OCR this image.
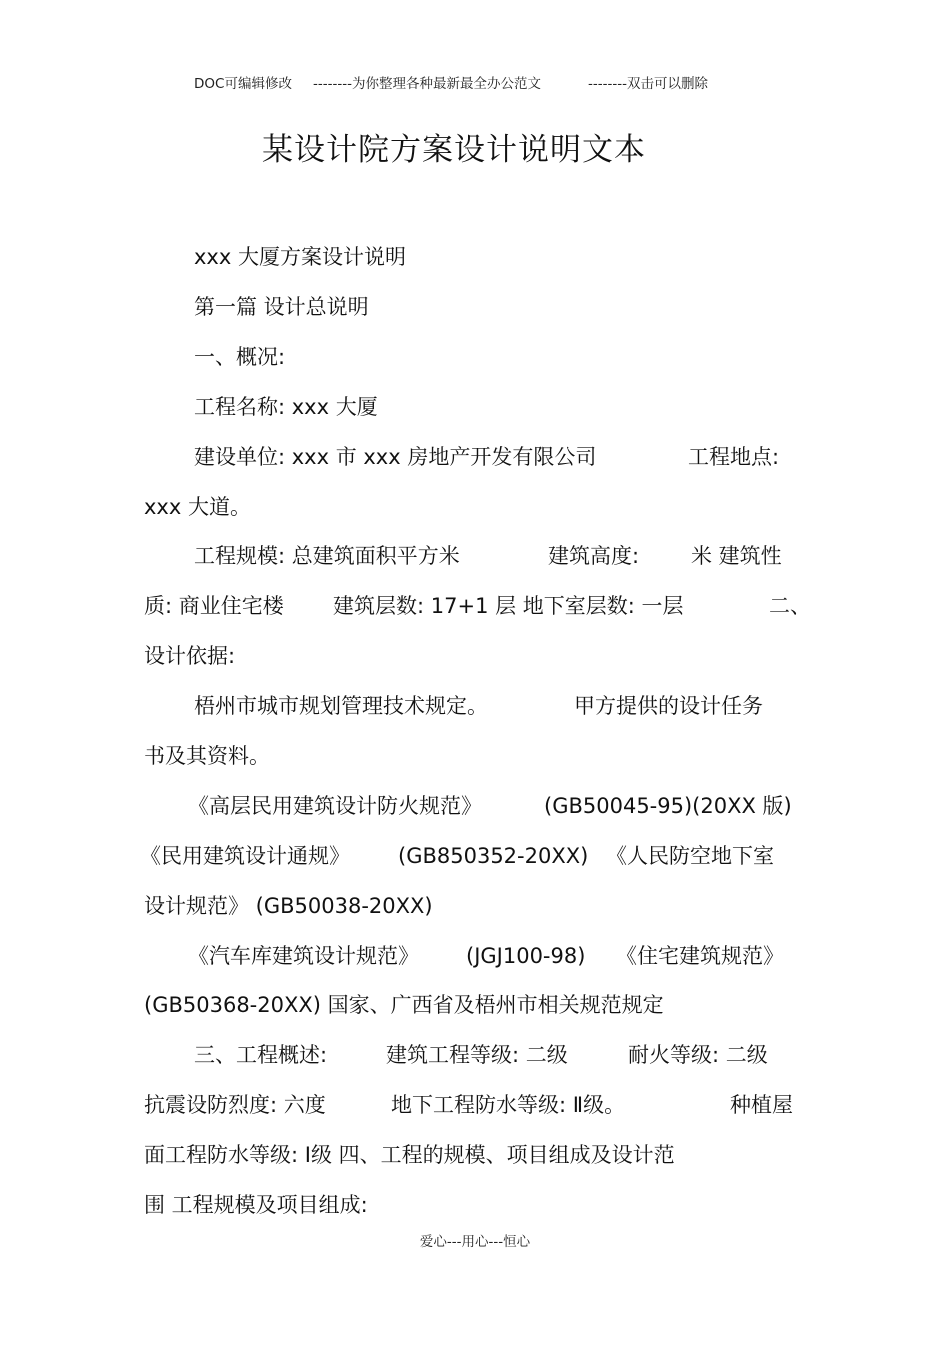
DOC可编辑修改 --------为你整理各种最新最全办公范文	--------双击可以删除
某设计院方案设计说明文本
xxx 大厦方案设计说明
第一篇 设计总说明
一、概况:
工程名称: xxx 大厦
建设单位: xxx 市 xxx 房地产开发有限公司	工程地点:
xxx 大道。
工程规模: 总建筑面积平方米	建筑高度: 米 建筑性
质: 商业住宅楼 建筑层数: 17+1 层 地下室层数: 一层	二、
设计依据:
梧州市城市规划管理技术规定。	甲方提供的设计任务
书及其资料。
《高层民用建筑设计防火规范》	(GB50045-95)(20XX 版)
《民用建筑设计通规》 (GB850352-20XX) 《人民防空地下室
设计规范》 (GB50038-20XX)
《汽车库建筑设计规范》 (JGJ100-98) 《住宅建筑规范》
(GB50368-20XX) 国家、广西省及梧州市相关规范规定
三、工程概述:	建筑工程等级: 二级	耐火等级: 二级
抗震设防烈度: 六度	地下工程防水等级: Ⅱ级。	种植屋
面工程防水等级: Ⅰ级 四、工程的规模、项目组成及设计范
围 工程规模及项目组成:
爱心---用心---恒心
